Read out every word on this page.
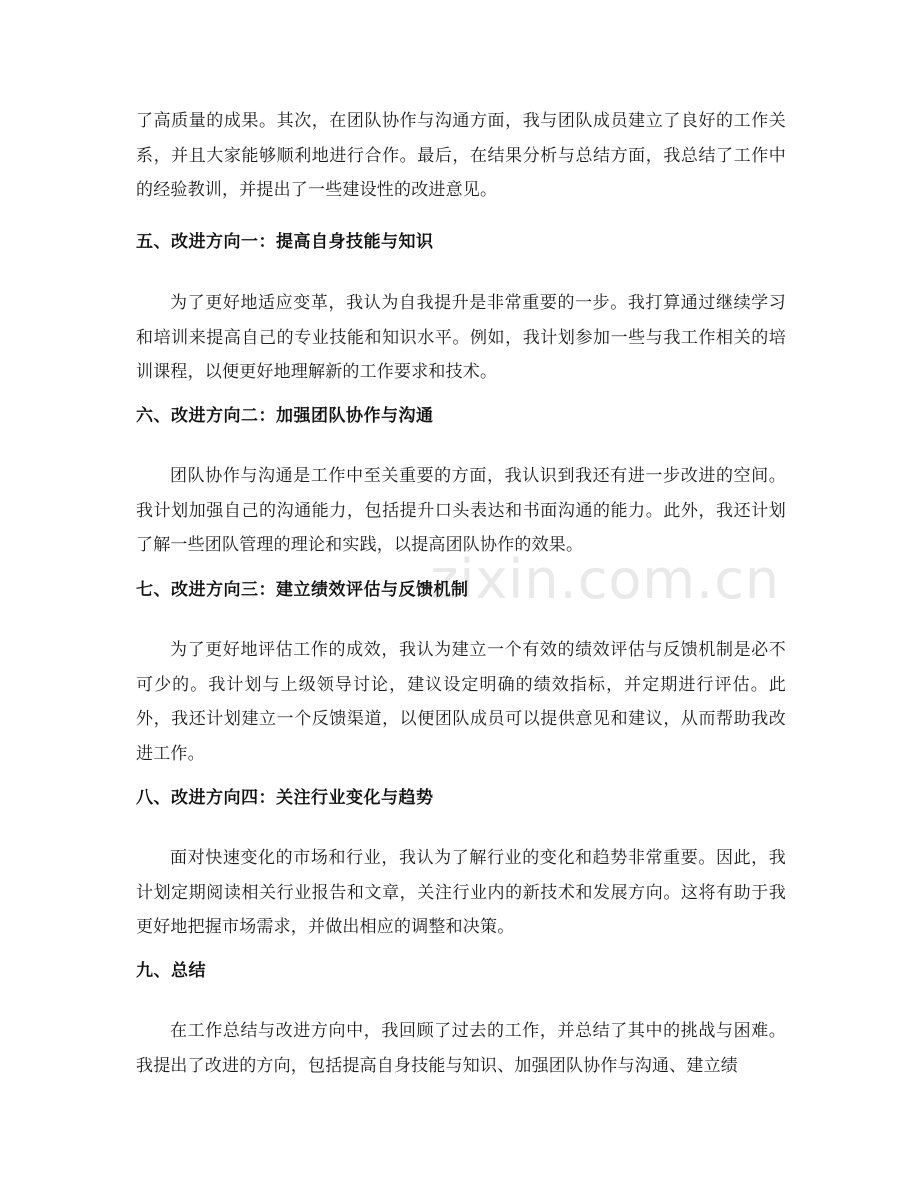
zixin.com.cn

了高质量的成果。其次，在团队协作与沟通方面，我与团队成员建立了良好的工作关系，并且大家能够顺利地进行合作。最后，在结果分析与总结方面，我总结了工作中的经验教训，并提出了一些建设性的改进意见。

五、改进方向一：提高自身技能与知识

为了更好地适应变革，我认为自我提升是非常重要的一步。我打算通过继续学习和培训来提高自己的专业技能和知识水平。例如，我计划参加一些与我工作相关的培训课程，以便更好地理解新的工作要求和技术。

六、改进方向二：加强团队协作与沟通

团队协作与沟通是工作中至关重要的方面，我认识到我还有进一步改进的空间。我计划加强自己的沟通能力，包括提升口头表达和书面沟通的能力。此外，我还计划了解一些团队管理的理论和实践，以提高团队协作的效果。

七、改进方向三：建立绩效评估与反馈机制

为了更好地评估工作的成效，我认为建立一个有效的绩效评估与反馈机制是必不可少的。我计划与上级领导讨论，建议设定明确的绩效指标，并定期进行评估。此外，我还计划建立一个反馈渠道，以便团队成员可以提供意见和建议，从而帮助我改进工作。

八、改进方向四：关注行业变化与趋势

面对快速变化的市场和行业，我认为了解行业的变化和趋势非常重要。因此，我计划定期阅读相关行业报告和文章，关注行业内的新技术和发展方向。这将有助于我更好地把握市场需求，并做出相应的调整和决策。

九、总结

在工作总结与改进方向中，我回顾了过去的工作，并总结了其中的挑战与困难。我提出了改进的方向，包括提高自身技能与知识、加强团队协作与沟通、建立绩
